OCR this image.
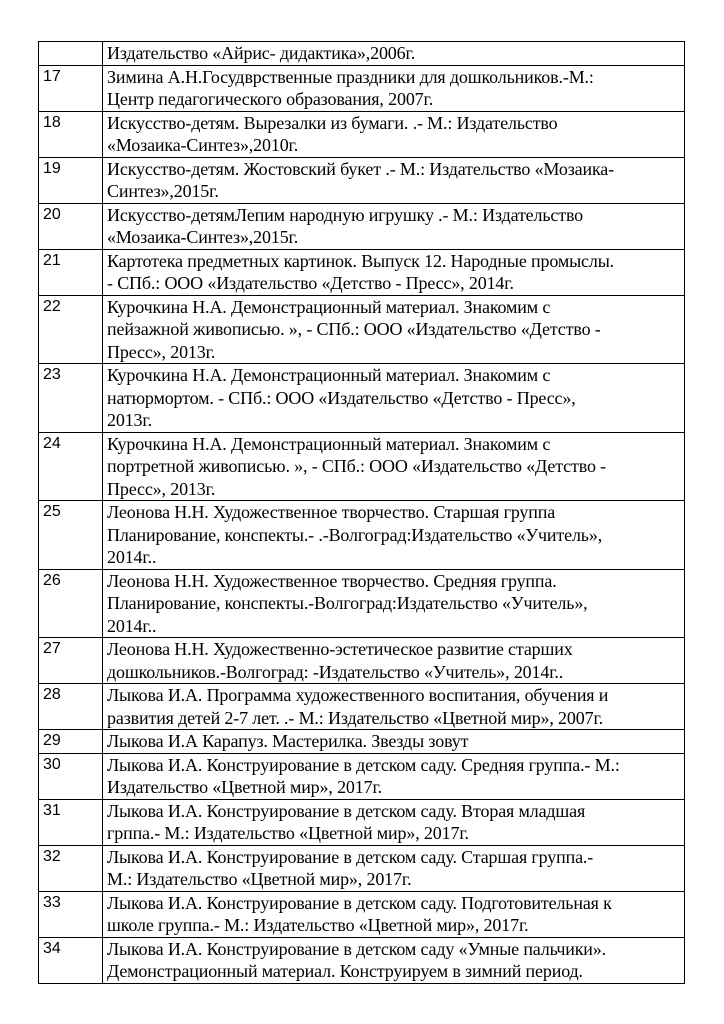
	Издательство «Айрис- дидактика»,2006г.

17	Зимина А.Н.Госудврственные праздники для дошкольников.-М.:
Центр педагогического образования, 2007г.

18	Искусство-детям. Вырезалки из бумаги. .- М.: Издательство
«Мозаика-Синтез»,2010г.

19	Искусство-детям. Жостовский букет .- М.: Издательство «Мозаика-
Синтез»,2015г.

20	Искусство-детямЛепим народную игрушку .- М.: Издательство
«Мозаика-Синтез»,2015г.

21	Картотека предметных картинок. Выпуск 12. Народные промыслы.
- СПб.: ООО «Издательство «Детство - Пресс», 2014г.

22	Курочкина Н.А. Демонстрационный материал. Знакомим с
пейзажной живописью. », - СПб.: ООО «Издательство «Детство -
Пресс», 2013г.

23	Курочкина Н.А. Демонстрационный материал. Знакомим с
натюрмортом. - СПб.: ООО «Издательство «Детство - Пресс»,
2013г.

24	Курочкина Н.А. Демонстрационный материал. Знакомим с
портретной живописью. », - СПб.: ООО «Издательство «Детство -
Пресс», 2013г.

25	Леонова Н.Н. Художественное творчество. Старшая группа
Планирование, конспекты.- .-Волгоград:Издательство «Учитель»,
2014г..

26	Леонова Н.Н. Художественное творчество. Средняя группа.
Планирование, конспекты.-Волгоград:Издательство «Учитель»,
2014г..

27	Леонова Н.Н. Художественно-эстетическое развитие старших
дошкольников.-Волгоград: -Издательство «Учитель», 2014г..

28	Лыкова И.А. Программа художественного воспитания, обучения и
развития детей 2-7 лет. .- М.: Издательство «Цветной мир», 2007г.

29	Лыкова И.А Карапуз. Мастерилка. Звезды зовут

30	Лыкова И.А. Конструирование в детском саду. Средняя группа.- М.:
Издательство «Цветной мир», 2017г.

31	Лыкова И.А. Конструирование в детском саду. Вторая младшая
грппа.- М.: Издательство «Цветной мир», 2017г.

32	Лыкова И.А. Конструирование в детском саду. Старшая группа.-
М.: Издательство «Цветной мир», 2017г.

33	Лыкова И.А. Конструирование в детском саду. Подготовительная к
школе группа.- М.: Издательство «Цветной мир», 2017г.

34	Лыкова И.А. Конструирование в детском саду «Умные пальчики».
Демонстрационный материал. Конструируем в зимний период.
